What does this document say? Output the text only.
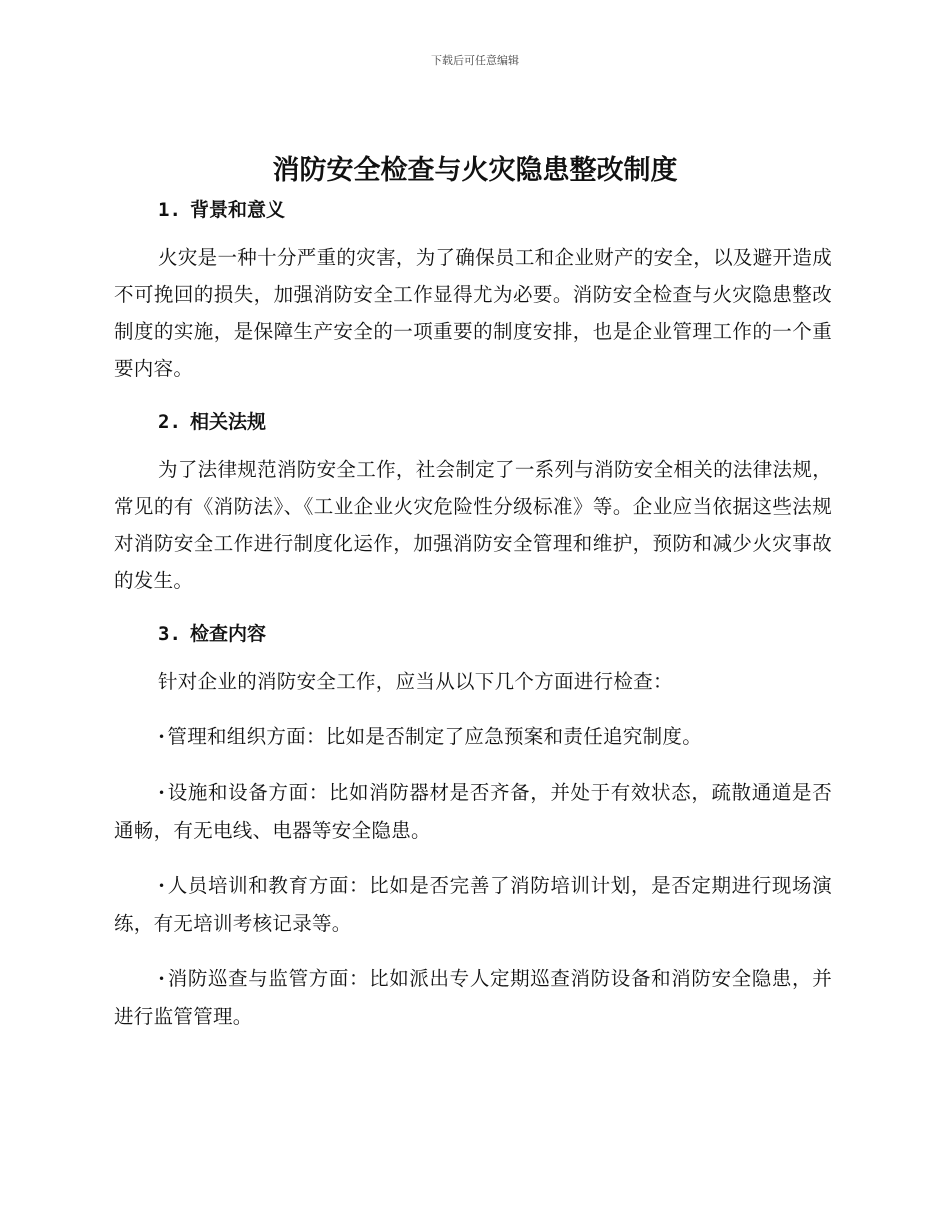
下载后可任意编辑
消防安全检查与火灾隐患整改制度
1. 背景和意义

火灾是一种十分严重的灾害，为了确保员工和企业财产的安全，以及避开造成不可挽回的损失，加强消防安全工作显得尤为必要。消防安全检查与火灾隐患整改制度的实施，是保障生产安全的一项重要的制度安排，也是企业管理工作的一个重要内容。

2. 相关法规

为了法律规范消防安全工作，社会制定了一系列与消防安全相关的法律法规，常见的有《消防法》、《工业企业火灾危险性分级标准》等。企业应当依据这些法规对消防安全工作进行制度化运作，加强消防安全管理和维护，预防和减少火灾事故的发生。

3. 检查内容

针对企业的消防安全工作，应当从以下几个方面进行检查：

• 管理和组织方面：比如是否制定了应急预案和责任追究制度。

• 设施和设备方面：比如消防器材是否齐备，并处于有效状态，疏散通道是否通畅，有无电线、电器等安全隐患。

• 人员培训和教育方面：比如是否完善了消防培训计划，是否定期进行现场演练，有无培训考核记录等。

• 消防巡查与监管方面：比如派出专人定期巡查消防设备和消防安全隐患，并进行监管管理。
